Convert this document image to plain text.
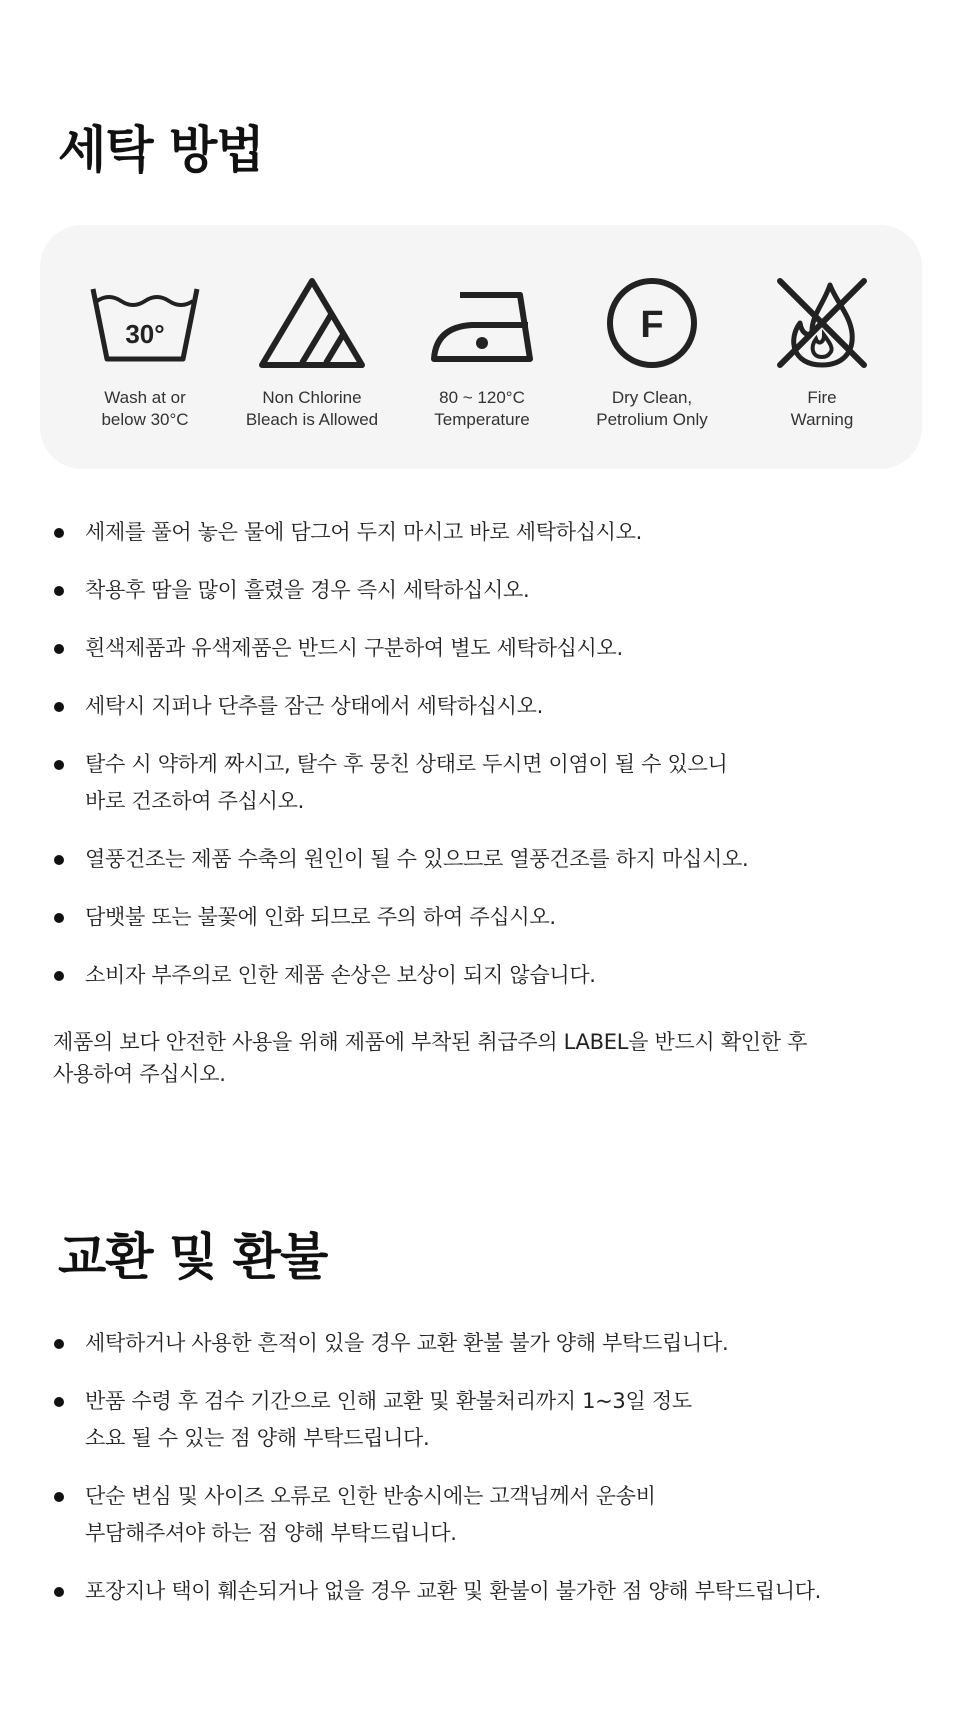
세탁 방법
30°
Wash at or
below 30°C
Non Chlorine
Bleach is Allowed
80 ~ 120°C
Temperature
F
Dry Clean,
Petrolium Only
Fire
Warning
세제를 풀어 놓은 물에 담그어 두지 마시고 바로 세탁하십시오.
착용후 땀을 많이 흘렸을 경우 즉시 세탁하십시오.
흰색제품과 유색제품은 반드시 구분하여 별도 세탁하십시오.
세탁시 지퍼나 단추를 잠근 상태에서 세탁하십시오.
탈수 시 약하게 짜시고, 탈수 후 뭉친 상태로 두시면 이염이 될 수 있으니
바로 건조하여 주십시오.
열풍건조는 제품 수축의 원인이 될 수 있으므로 열풍건조를 하지 마십시오.
담뱃불 또는 불꽃에 인화 되므로 주의 하여 주십시오.
소비자 부주의로 인한 제품 손상은 보상이 되지 않습니다.

제품의 보다 안전한 사용을 위해 제품에 부착된 취급주의 LABEL을 반드시 확인한 후
사용하여 주십시오.

교환 및 환불
세탁하거나 사용한 흔적이 있을 경우 교환 환불 불가 양해 부탁드립니다.
반품 수령 후 검수 기간으로 인해 교환 및 환불처리까지 1~3일 정도
소요 될 수 있는 점 양해 부탁드립니다.
단순 변심 및 사이즈 오류로 인한 반송시에는 고객님께서 운송비
부담해주셔야 하는 점 양해 부탁드립니다.
포장지나 택이 훼손되거나 없을 경우 교환 및 환불이 불가한 점 양해 부탁드립니다.
